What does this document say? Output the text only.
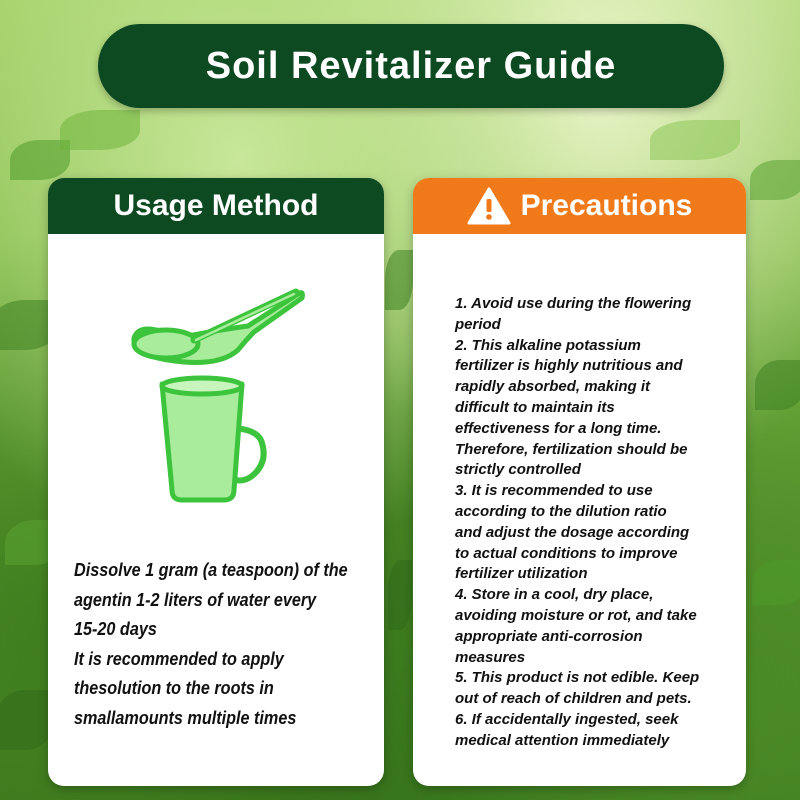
Soil Revitalizer Guide
Usage Method

Dissolve 1 gram (a teaspoon) of the

agentin 1-2 liters of water every

15-20 days

It is recommended to apply

thesolution to the roots in

smallamounts multiple times

Precautions

1. Avoid use during the flowering

period

2. This alkaline potassium

fertilizer is highly nutritious and

rapidly absorbed, making it

difficult to maintain its

effectiveness for a long time.

Therefore, fertilization should be

strictly controlled

3. It is recommended to use

according to the dilution ratio

and adjust the dosage according

to actual conditions to improve

fertilizer utilization

4. Store in a cool, dry place,

avoiding moisture or rot, and take

appropriate anti-corrosion

measures

5. This product is not edible. Keep

out of reach of children and pets.

6. If accidentally ingested, seek

medical attention immediately
